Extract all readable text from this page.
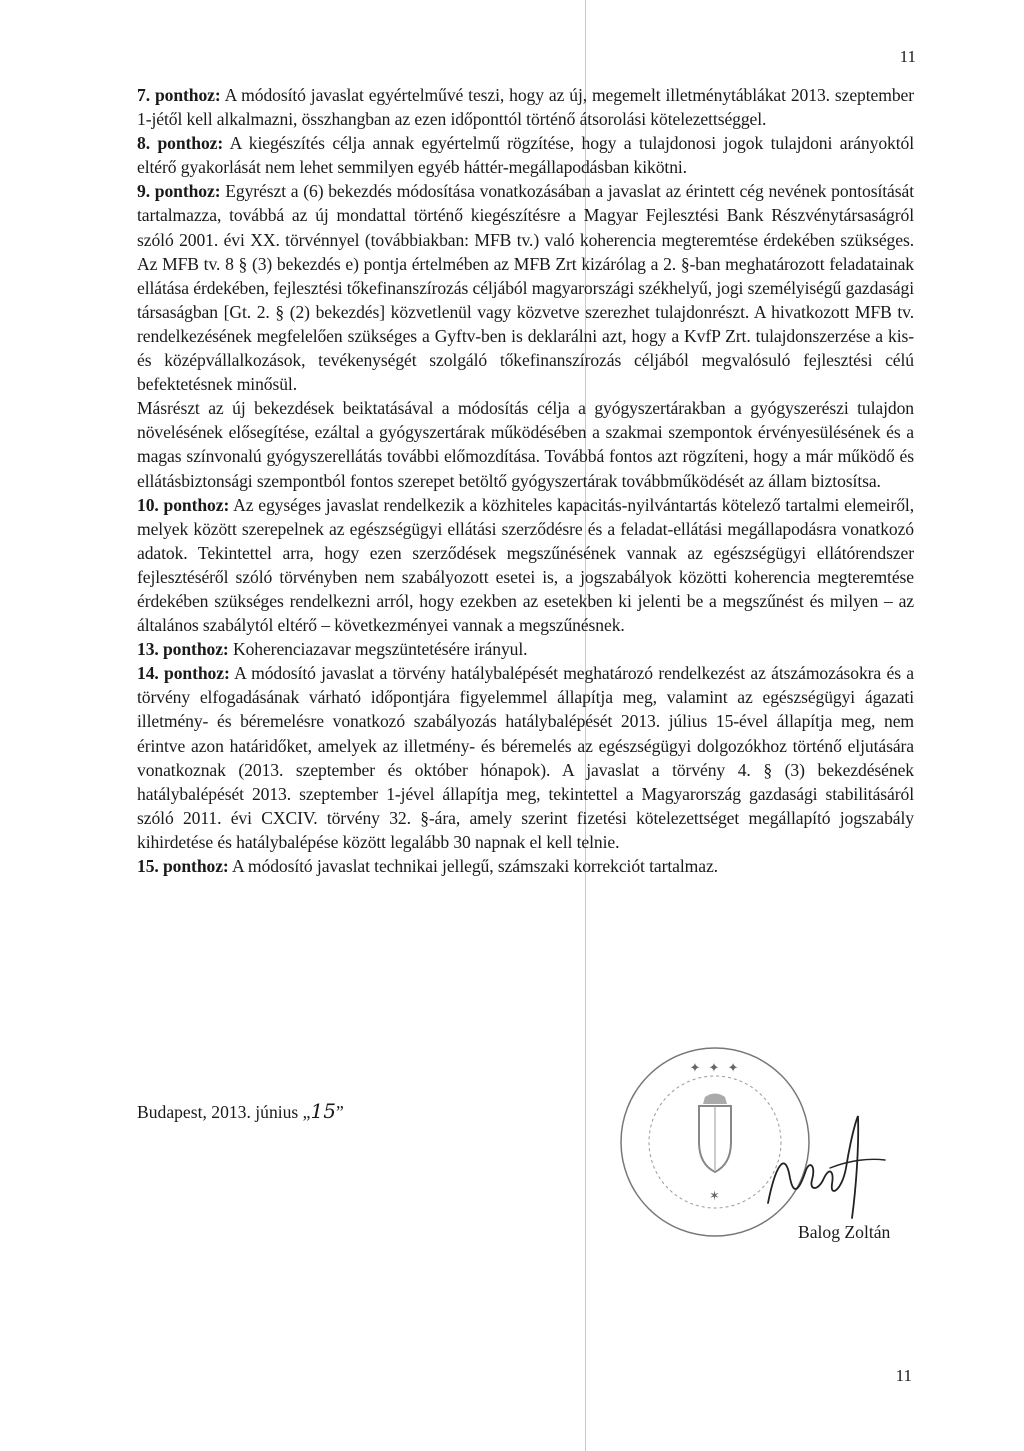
11

7. ponthoz: A módosító javaslat egyértelművé teszi, hogy az új, megemelt illetménytáblákat 2013. szeptember 1-jétől kell alkalmazni, összhangban az ezen időponttól történő átsorolási kötelezettséggel.

8. ponthoz: A kiegészítés célja annak egyértelmű rögzítése, hogy a tulajdonosi jogok tulajdoni arányoktól eltérő gyakorlását nem lehet semmilyen egyéb háttér-megállapodásban kikötni.

9. ponthoz: Egyrészt a (6) bekezdés módosítása vonatkozásában a javaslat az érintett cég nevének pontosítását tartalmazza, továbbá az új mondattal történő kiegészítésre a Magyar Fejlesztési Bank Részvénytársaságról szóló 2001. évi XX. törvénnyel (továbbiakban: MFB tv.) való koherencia megteremtése érdekében szükséges. Az MFB tv. 8 § (3) bekezdés e) pontja értelmében az MFB Zrt kizárólag a 2. §-ban meghatározott feladatainak ellátása érdekében, fejlesztési tőkefinanszírozás céljából magyarországi székhelyű, jogi személyiségű gazdasági társaságban [Gt. 2. § (2) bekezdés] közvetlenül vagy közvetve szerezhet tulajdonrészt. A hivatkozott MFB tv. rendelkezésének megfelelően szükséges a Gyftv-ben is deklarálni azt, hogy a KvfP Zrt. tulajdonszerzése a kis- és középvállalkozások, tevékenységét szolgáló tőkefinanszírozás céljából megvalósuló fejlesztési célú befektetésnek minősül.

Másrészt az új bekezdések beiktatásával a módosítás célja a gyógyszertárakban a gyógyszerészi tulajdon növelésének elősegítése, ezáltal a gyógyszertárak működésében a szakmai szempontok érvényesülésének és a magas színvonalú gyógyszerellátás további előmozdítása. Továbbá fontos azt rögzíteni, hogy a már működő és ellátásbiztonsági szempontból fontos szerepet betöltő gyógyszertárak továbbműködését az állam biztosítsa.

10. ponthoz: Az egységes javaslat rendelkezik a közhiteles kapacitás-nyilvántartás kötelező tartalmi elemeiről, melyek között szerepelnek az egészségügyi ellátási szerződésre és a feladat-ellátási megállapodásra vonatkozó adatok. Tekintettel arra, hogy ezen szerződések megszűnésének vannak az egészségügyi ellátórendszer fejlesztéséről szóló törvényben nem szabályozott esetei is, a jogszabályok közötti koherencia megteremtése érdekében szükséges rendelkezni arról, hogy ezekben az esetekben ki jelenti be a megszűnést és milyen – az általános szabálytól eltérő – következményei vannak a megszűnésnek.

13. ponthoz: Koherenciazavar megszüntetésére irányul.

14. ponthoz: A módosító javaslat a törvény hatálybalépését meghatározó rendelkezést az átszámozásokra és a törvény elfogadásának várható időpontjára figyelemmel állapítja meg, valamint az egészségügyi ágazati illetmény- és béremelésre vonatkozó szabályozás hatálybalépését 2013. július 15-ével állapítja meg, nem érintve azon határidőket, amelyek az illetmény- és béremelés az egészségügyi dolgozókhoz történő eljutására vonatkoznak (2013. szeptember és október hónapok). A javaslat a törvény 4. § (3) bekezdésének hatálybalépését 2013. szeptember 1-jével állapítja meg, tekintettel a Magyarország gazdasági stabilitásáról szóló 2011. évi CXCIV. törvény 32. §-ára, amely szerint fizetési kötelezettséget megállapító jogszabály kihirdetése és hatálybalépése között legalább 30 napnak el kell telnie.

15. ponthoz: A módosító javaslat technikai jellegű, számszaki korrekciót tartalmaz.

Budapest, 2013. június „15”
✦ ✦ ✦
✶
Balog Zoltán
11
